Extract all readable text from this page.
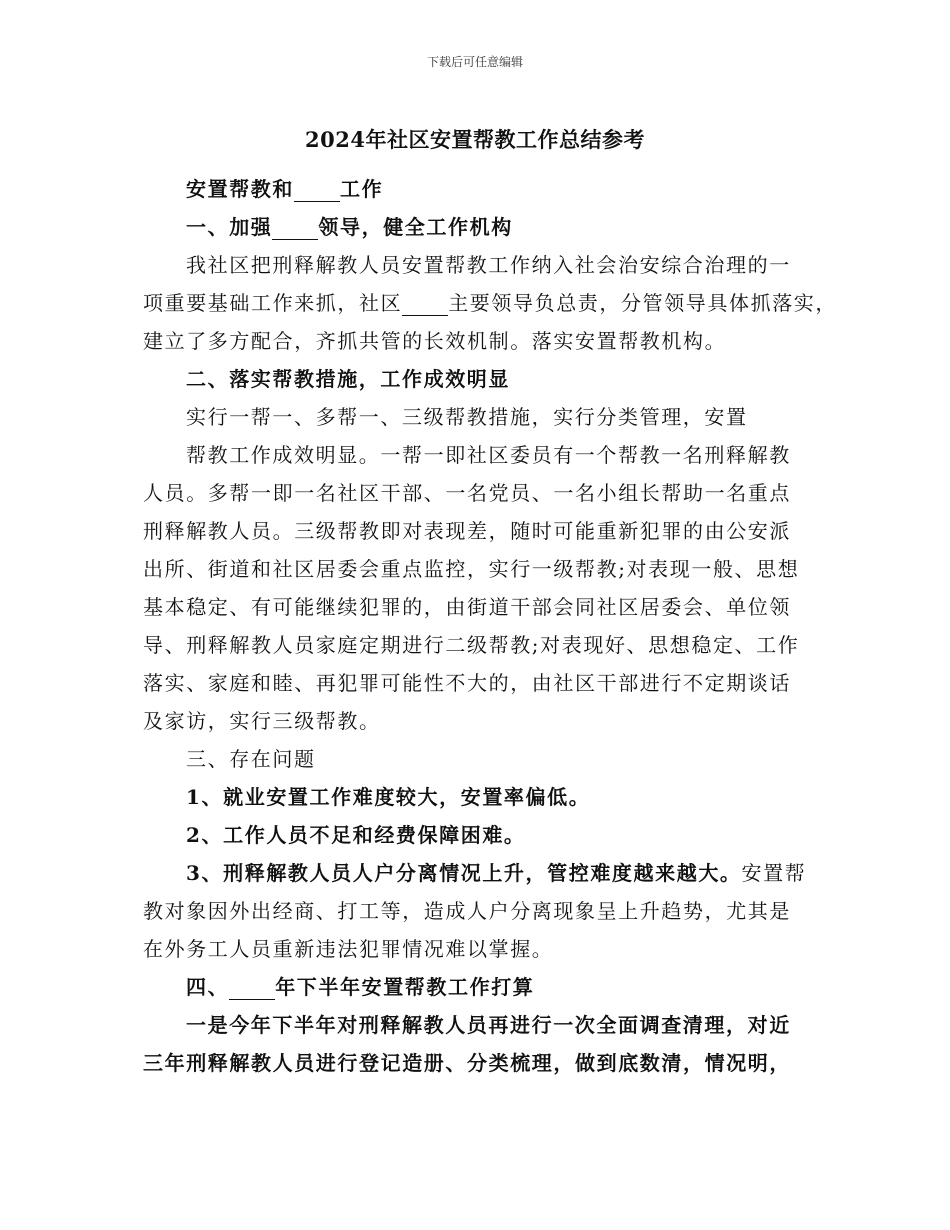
下载后可任意编辑
2024年社区安置帮教工作总结参考
安置帮教和 工作
一、加强 领导，健全工作机构
我社区把刑释解教人员安置帮教工作纳入社会治安综合治理的一
项重要基础工作来抓，社区 主要领导负总责，分管领导具体抓落实，
建立了多方配合，齐抓共管的长效机制。落实安置帮教机构。
二、落实帮教措施，工作成效明显
实行一帮一、多帮一、三级帮教措施，实行分类管理，安置
帮教工作成效明显。一帮一即社区委员有一个帮教一名刑释解教
人员。多帮一即一名社区干部、一名党员、一名小组长帮助一名重点
刑释解教人员。三级帮教即对表现差，随时可能重新犯罪的由公安派
出所、街道和社区居委会重点监控，实行一级帮教;对表现一般、思想
基本稳定、有可能继续犯罪的，由街道干部会同社区居委会、单位领
导、刑释解教人员家庭定期进行二级帮教;对表现好、思想稳定、工作
落实、家庭和睦、再犯罪可能性不大的，由社区干部进行不定期谈话
及家访，实行三级帮教。
三、存在问题
1、就业安置工作难度较大，安置率偏低。
2、工作人员不足和经费保障困难。
3、刑释解教人员人户分离情况上升，管控难度越来越大。安置帮
教对象因外出经商、打工等，造成人户分离现象呈上升趋势，尤其是
在外务工人员重新违法犯罪情况难以掌握。
四、 年下半年安置帮教工作打算
一是今年下半年对刑释解教人员再进行一次全面调查清理，对近
三年刑释解教人员进行登记造册、分类梳理，做到底数清，情况明，
